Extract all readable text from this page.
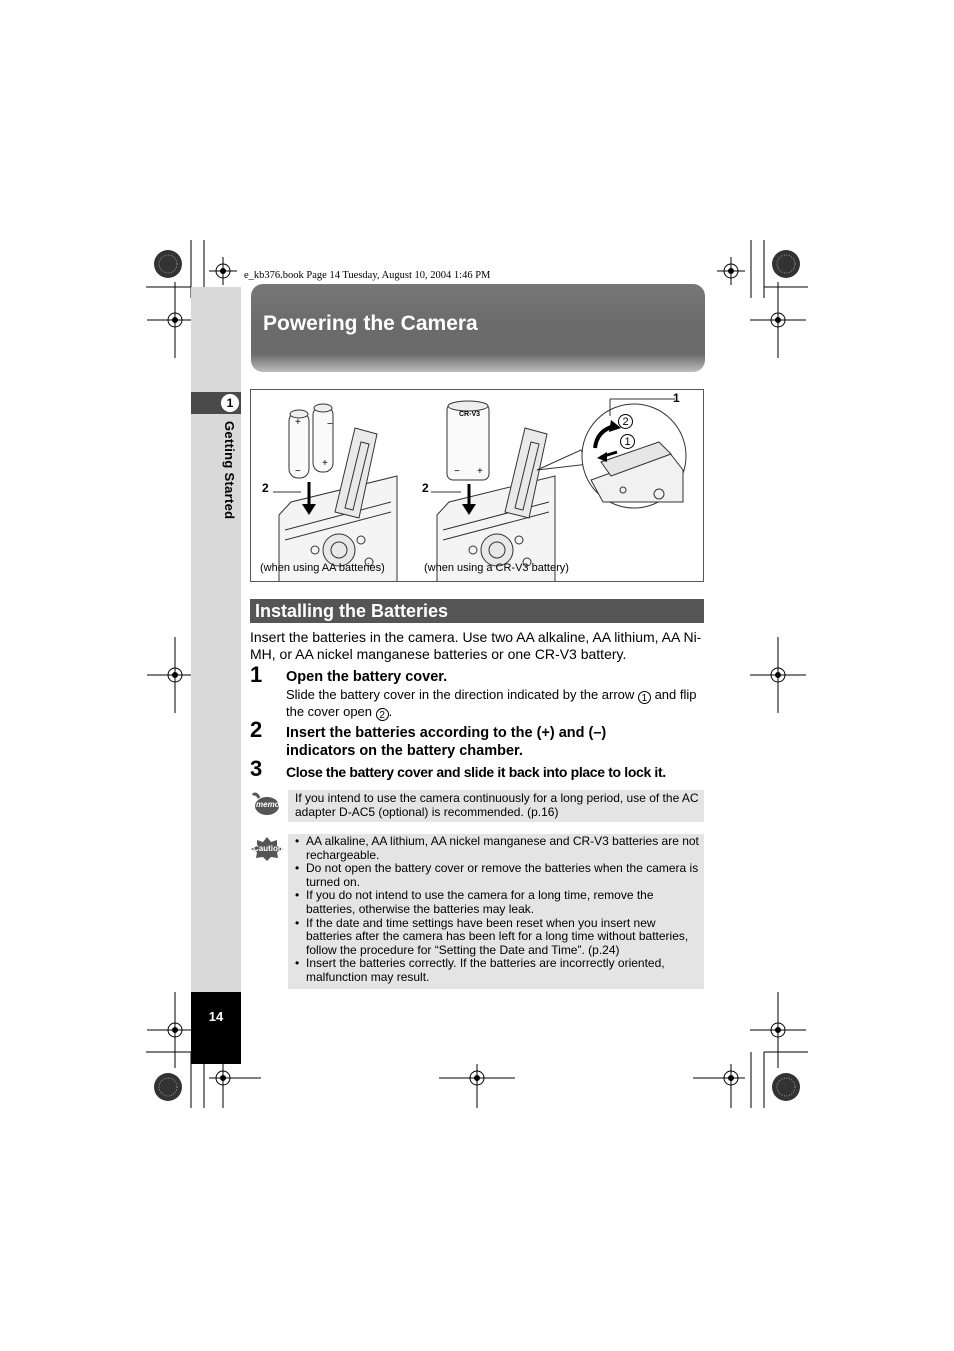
e_kb376.book Page 14 Tuesday, August 10, 2004 1:46 PM
1
Getting Started
14
Powering the Camera
2	2
1
2
1
CR-V3
+
−
−
+
− +
(when using AA batteries)	(when using a CR-V3 battery)
Installing the Batteries
Insert the batteries in the camera. Use two AA alkaline, AA lithium, AA Ni-MH, or AA nickel manganese batteries or one CR-V3 battery.
1 Open the battery cover.
Slide the battery cover in the direction indicated by the arrow 1 and flip the cover open 2 .
2 Insert the batteries according to the (+) and (–) indicators on the battery chamber.
3 Close the battery cover and slide it back into place to lock it.
memo If you intend to use the camera continuously for a long period, use of the AC adapter D-AC5 (optional) is recommended. (p.16)
Caution
• AA alkaline, AA lithium, AA nickel manganese and CR-V3 batteries are not rechargeable.
• Do not open the battery cover or remove the batteries when the camera is turned on.
• If you do not intend to use the camera for a long time, remove the batteries, otherwise the batteries may leak.
• If the date and time settings have been reset when you insert new batteries after the camera has been left for a long time without batteries, follow the procedure for “Setting the Date and Time”. (p.24)
• Insert the batteries correctly. If the batteries are incorrectly oriented, malfunction may result.
